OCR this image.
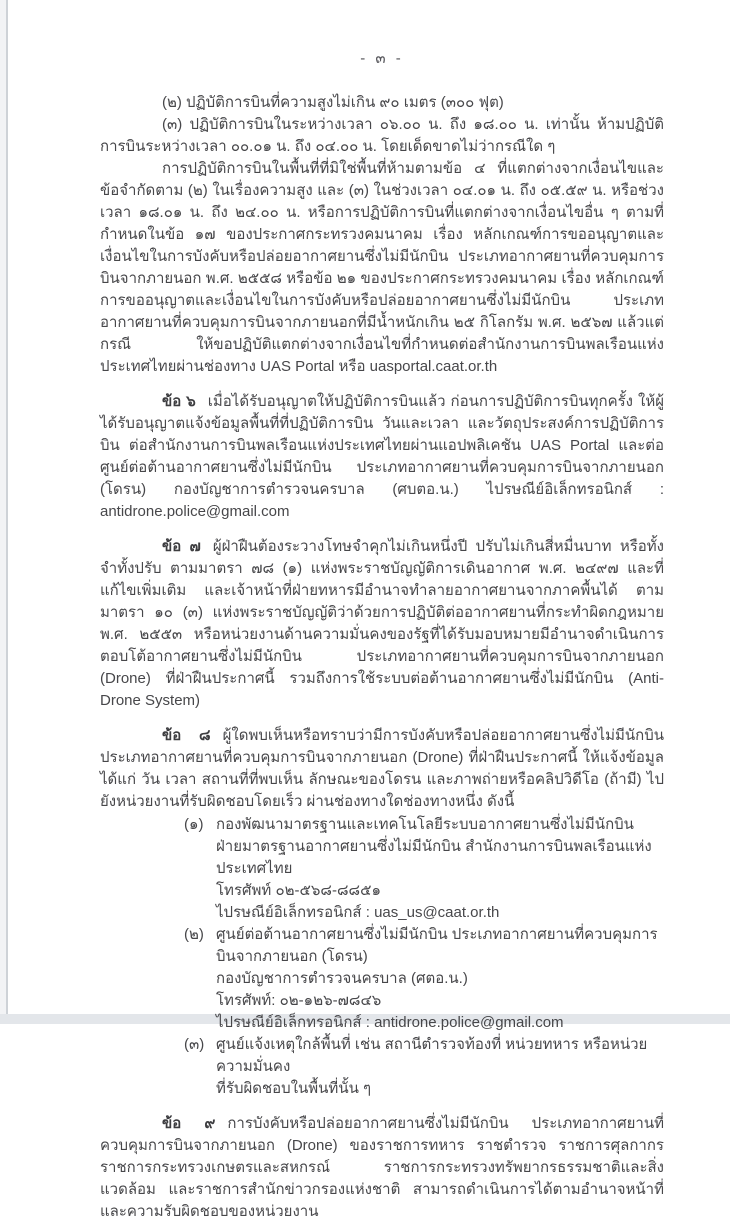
- ๓ -

(๒) ปฏิบัติการบินที่ความสูงไม่เกิน ๙๐ เมตร (๓๐๐ ฟุต)

(๓) ปฏิบัติการบินในระหว่างเวลา ๐๖.๐๐ น. ถึง ๑๘.๐๐ น. เท่านั้น ห้ามปฏิบัติการบินระหว่างเวลา ๐๐.๐๑ น. ถึง ๐๔.๐๐ น. โดยเด็ดขาดไม่ว่ากรณีใด ๆ

การปฏิบัติการบินในพื้นที่ที่มิใช่พื้นที่ห้ามตามข้อ ๔ ที่แตกต่างจากเงื่อนไขและข้อจำกัดตาม (๒) ในเรื่องความสูง และ (๓) ในช่วงเวลา ๐๔.๐๑ น. ถึง ๐๕.๕๙ น. หรือช่วงเวลา ๑๘.๐๑ น. ถึง ๒๔.๐๐ น. หรือการปฏิบัติการบินที่แตกต่างจากเงื่อนไขอื่น ๆ ตามที่กำหนดในข้อ ๑๗ ของประกาศกระทรวงคมนาคม เรื่อง หลักเกณฑ์การขออนุญาตและเงื่อนไขในการบังคับหรือปล่อยอากาศยานซึ่งไม่มีนักบิน ประเภทอากาศยานที่ควบคุมการบินจากภายนอก พ.ศ. ๒๕๕๘ หรือข้อ ๒๑ ของประกาศกระทรวงคมนาคม เรื่อง หลักเกณฑ์การขออนุญาตและเงื่อนไขในการบังคับหรือปล่อยอากาศยานซึ่งไม่มีนักบิน ประเภทอากาศยานที่ควบคุมการบินจากภายนอกที่มีน้ำหนักเกิน ๒๕ กิโลกรัม พ.ศ. ๒๕๖๗ แล้วแต่กรณี ให้ขอปฏิบัติแตกต่างจากเงื่อนไขที่กำหนดต่อสำนักงานการบินพลเรือนแห่งประเทศไทยผ่านช่องทาง UAS Portal หรือ uasportal.caat.or.th

ข้อ ๖ เมื่อได้รับอนุญาตให้ปฏิบัติการบินแล้ว ก่อนการปฏิบัติการบินทุกครั้ง ให้ผู้ได้รับอนุญาตแจ้งข้อมูลพื้นที่ที่ปฏิบัติการบิน วันและเวลา และวัตถุประสงค์การปฏิบัติการบิน ต่อสำนักงานการบินพลเรือนแห่งประเทศไทยผ่านแอปพลิเคชัน UAS Portal และต่อศูนย์ต่อต้านอากาศยานซึ่งไม่มีนักบิน ประเภทอากาศยานที่ควบคุมการบินจากภายนอก (โดรน) กองบัญชาการตำรวจนครบาล (ศบตอ.น.) ไปรษณีย์อิเล็กทรอนิกส์ : antidrone.police@gmail.com

ข้อ ๗ ผู้ฝ่าฝืนต้องระวางโทษจำคุกไม่เกินหนึ่งปี ปรับไม่เกินสี่หมื่นบาท หรือทั้งจำทั้งปรับ ตามมาตรา ๗๘ (๑) แห่งพระราชบัญญัติการเดินอากาศ พ.ศ. ๒๔๙๗ และที่แก้ไขเพิ่มเติม และเจ้าหน้าที่ฝ่ายทหารมีอำนาจทำลายอากาศยานจากภาคพื้นได้ ตามมาตรา ๑๐ (๓) แห่งพระราชบัญญัติว่าด้วยการปฏิบัติต่ออากาศยานที่กระทำผิดกฎหมาย พ.ศ. ๒๕๕๓ หรือหน่วยงานด้านความมั่นคงของรัฐที่ได้รับมอบหมายมีอำนาจดำเนินการตอบโต้อากาศยานซึ่งไม่มีนักบิน ประเภทอากาศยานที่ควบคุมการบินจากภายนอก (Drone) ที่ฝ่าฝืนประกาศนี้ รวมถึงการใช้ระบบต่อต้านอากาศยานซึ่งไม่มีนักบิน (Anti-Drone System)

ข้อ ๘ ผู้ใดพบเห็นหรือทราบว่ามีการบังคับหรือปล่อยอากาศยานซึ่งไม่มีนักบิน ประเภทอากาศยานที่ควบคุมการบินจากภายนอก (Drone) ที่ฝ่าฝืนประกาศนี้ ให้แจ้งข้อมูล ได้แก่ วัน เวลา สถานที่ที่พบเห็น ลักษณะของโดรน และภาพถ่ายหรือคลิปวิดีโอ (ถ้ามี) ไปยังหน่วยงานที่รับผิดชอบโดยเร็ว ผ่านช่องทางใดช่องทางหนึ่ง ดังนี้

(๑) กองพัฒนามาตรฐานและเทคโนโลยีระบบอากาศยานซึ่งไม่มีนักบิน
ฝ่ายมาตรฐานอากาศยานซึ่งไม่มีนักบิน สำนักงานการบินพลเรือนแห่งประเทศไทย
โทรศัพท์ ๐๒-๕๖๘-๘๘๕๑
ไปรษณีย์อิเล็กทรอนิกส์ : uas_us@caat.or.th
(๒) ศูนย์ต่อต้านอากาศยานซึ่งไม่มีนักบิน ประเภทอากาศยานที่ควบคุมการบินจากภายนอก (โดรน)
กองบัญชาการตำรวจนครบาล (ศตอ.น.)
โทรศัพท์: ๐๒-๑๒๖-๗๘๔๖
ไปรษณีย์อิเล็กทรอนิกส์ : antidrone.police@gmail.com
(๓) ศูนย์แจ้งเหตุใกล้พื้นที่ เช่น สถานีตำรวจท้องที่ หน่วยทหาร หรือหน่วยความมั่นคง
ที่รับผิดชอบในพื้นที่นั้น ๆ

ข้อ ๙ การบังคับหรือปล่อยอากาศยานซึ่งไม่มีนักบิน ประเภทอากาศยานที่ควบคุมการบินจากภายนอก (Drone) ของราชการทหาร ราชตำรวจ ราชการศุลกากร ราชการกระทรวงเกษตรและสหกรณ์ ราชการกระทรวงทรัพยากรธรรมชาติและสิ่งแวดล้อม และราชการสำนักข่าวกรองแห่งชาติ สามารถดำเนินการได้ตามอำนาจหน้าที่และความรับผิดชอบของหน่วยงาน
